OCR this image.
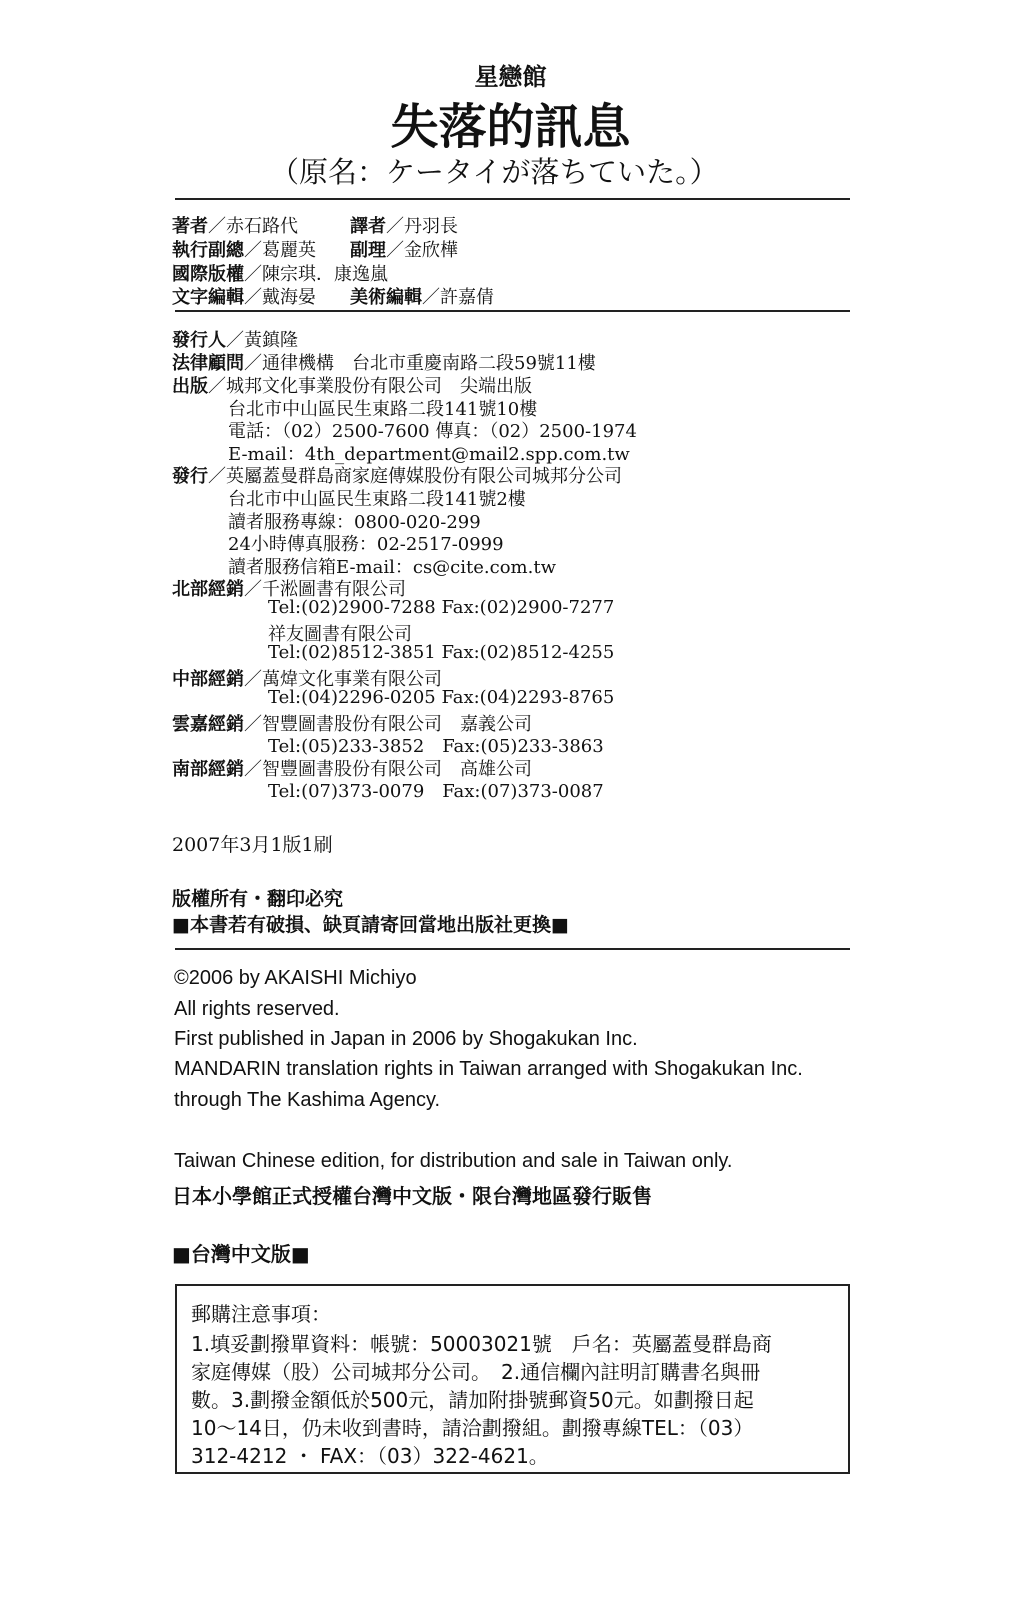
星戀館
失落的訊息
（原名：ケータイが落ちていた。）
著者／赤石路代	譯者／丹羽長
執行副總／葛麗英 副理／金欣樺
國際版權／陳宗琪．康逸嵐
文字編輯／戴海晏 美術編輯／許嘉倩
發行人／黃鎮隆
法律顧問／通律機構　台北市重慶南路二段59號11樓
出版／城邦文化事業股份有限公司　尖端出版
台北市中山區民生東路二段141號10樓
電話：（02）2500-7600 傳真：（02）2500-1974
E-mail：4th_department@mail2.spp.com.tw
發行／英屬蓋曼群島商家庭傳媒股份有限公司城邦分公司
台北市中山區民生東路二段141號2樓
讀者服務專線：0800-020-299
24小時傳真服務：02-2517-0999
讀者服務信箱E-mail：cs@cite.com.tw
北部經銷／千淞圖書有限公司
Tel:(02)2900-7288 Fax:(02)2900-7277
祥友圖書有限公司
Tel:(02)8512-3851 Fax:(02)8512-4255
中部經銷／萬煒文化事業有限公司
Tel:(04)2296-0205 Fax:(04)2293-8765
雲嘉經銷／智豐圖書股份有限公司　嘉義公司
Tel:(05)233-3852　Fax:(05)233-3863
南部經銷／智豐圖書股份有限公司　高雄公司
Tel:(07)373-0079　Fax:(07)373-0087
2007年3月1版1刷
版權所有・翻印必究
■本書若有破損、缺頁請寄回當地出版社更換■
©2006 by AKAISHI Michiyo
All rights reserved.
First published in Japan in 2006 by Shogakukan Inc.
MANDARIN translation rights in Taiwan arranged with Shogakukan Inc.
through The Kashima Agency.
Taiwan Chinese edition, for distribution and sale in Taiwan only.
日本小學館正式授權台灣中文版・限台灣地區發行販售
■台灣中文版■
郵購注意事項：
1.填妥劃撥單資料：帳號：50003021號　戶名：英屬蓋曼群島商
家庭傳媒（股）公司城邦分公司。　2.通信欄內註明訂購書名與冊
數。3.劃撥金額低於500元，請加附掛號郵資50元。如劃撥日起
10～14日，仍未收到書時，請洽劃撥組。劃撥專線TEL：（03）
312-4212 ・ FAX：（03）322-4621。
